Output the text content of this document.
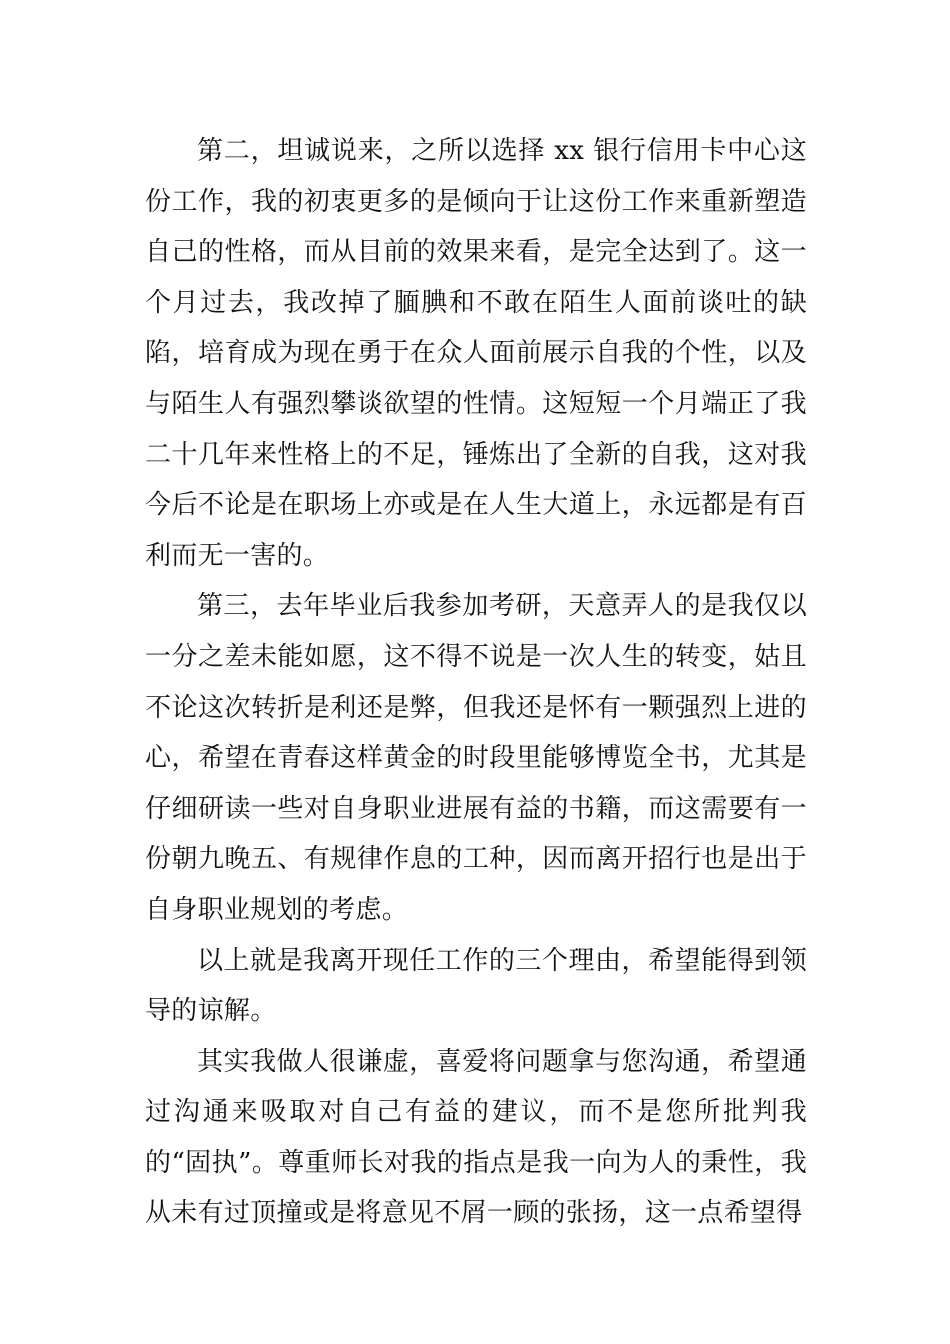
第二，坦诚说来，之所以选择 xx 银行信用卡中心这份工作，我的初衷更多的是倾向于让这份工作来重新塑造自己的性格，而从目前的效果来看，是完全达到了。这一个月过去，我改掉了腼腆和不敢在陌生人面前谈吐的缺陷，培育成为现在勇于在众人面前展示自我的个性，以及与陌生人有强烈攀谈欲望的性情。这短短一个月端正了我二十几年来性格上的不足，锤炼出了全新的自我，这对我今后不论是在职场上亦或是在人生大道上，永远都是有百利而无一害的。

第三，去年毕业后我参加考研，天意弄人的是我仅以一分之差未能如愿，这不得不说是一次人生的转变，姑且不论这次转折是利还是弊，但我还是怀有一颗强烈上进的心，希望在青春这样黄金的时段里能够博览全书，尤其是仔细研读一些对自身职业进展有益的书籍，而这需要有一份朝九晚五、有规律作息的工种，因而离开招行也是出于自身职业规划的考虑。

以上就是我离开现任工作的三个理由，希望能得到领导的谅解。

其实我做人很谦虚，喜爱将问题拿与您沟通，希望通过沟通来吸取对自己有益的建议，而不是您所批判我的“固执”。尊重师长对我的指点是我一向为人的秉性，我从未有过顶撞或是将意见不屑一顾的张扬，这一点希望得
